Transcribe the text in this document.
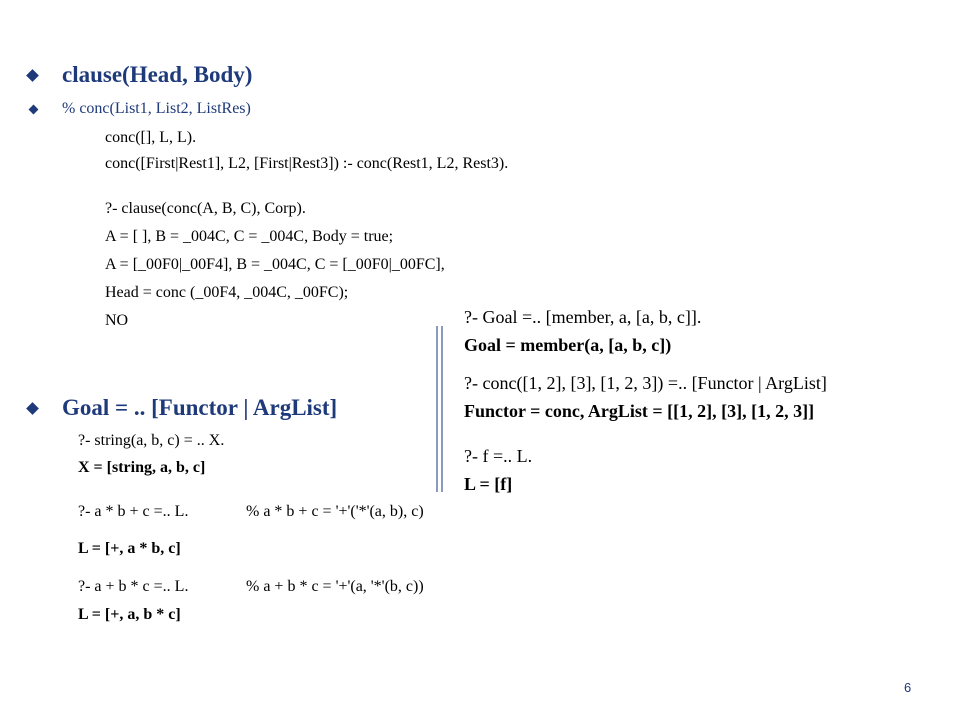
clause(Head, Body)
% conc(List1, List2, ListRes)
conc([], L, L).
conc([First|Rest1], L2, [First|Rest3]) :- conc(Rest1, L2, Rest3).
?- clause(conc(A, B, C), Corp).
A = [ ], B = _004C, C = _004C, Body = true;
A = [_00F0|_00F4], B = _004C, C = [_00F0|_00FC],
Head = conc (_00F4, _004C, _00FC);
NO
Goal = .. [Functor | ArgList]
?- string(a, b, c) = .. X.
X = [string, a, b, c]
?- a * b + c =.. L.	% a * b + c = '+'('*'(a, b), c)
L = [+, a * b, c]
?- a + b * c =.. L.	% a + b * c = '+'(a, '*'(b, c))
L = [+, a, b * c]
?- Goal =.. [member, a, [a, b, c]].
Goal = member(a, [a, b, c])
?- conc([1, 2], [3], [1, 2, 3]) =.. [Functor | ArgList]
Functor = conc, ArgList = [[1, 2], [3], [1, 2, 3]]
?- f =.. L.
L = [f]
6
